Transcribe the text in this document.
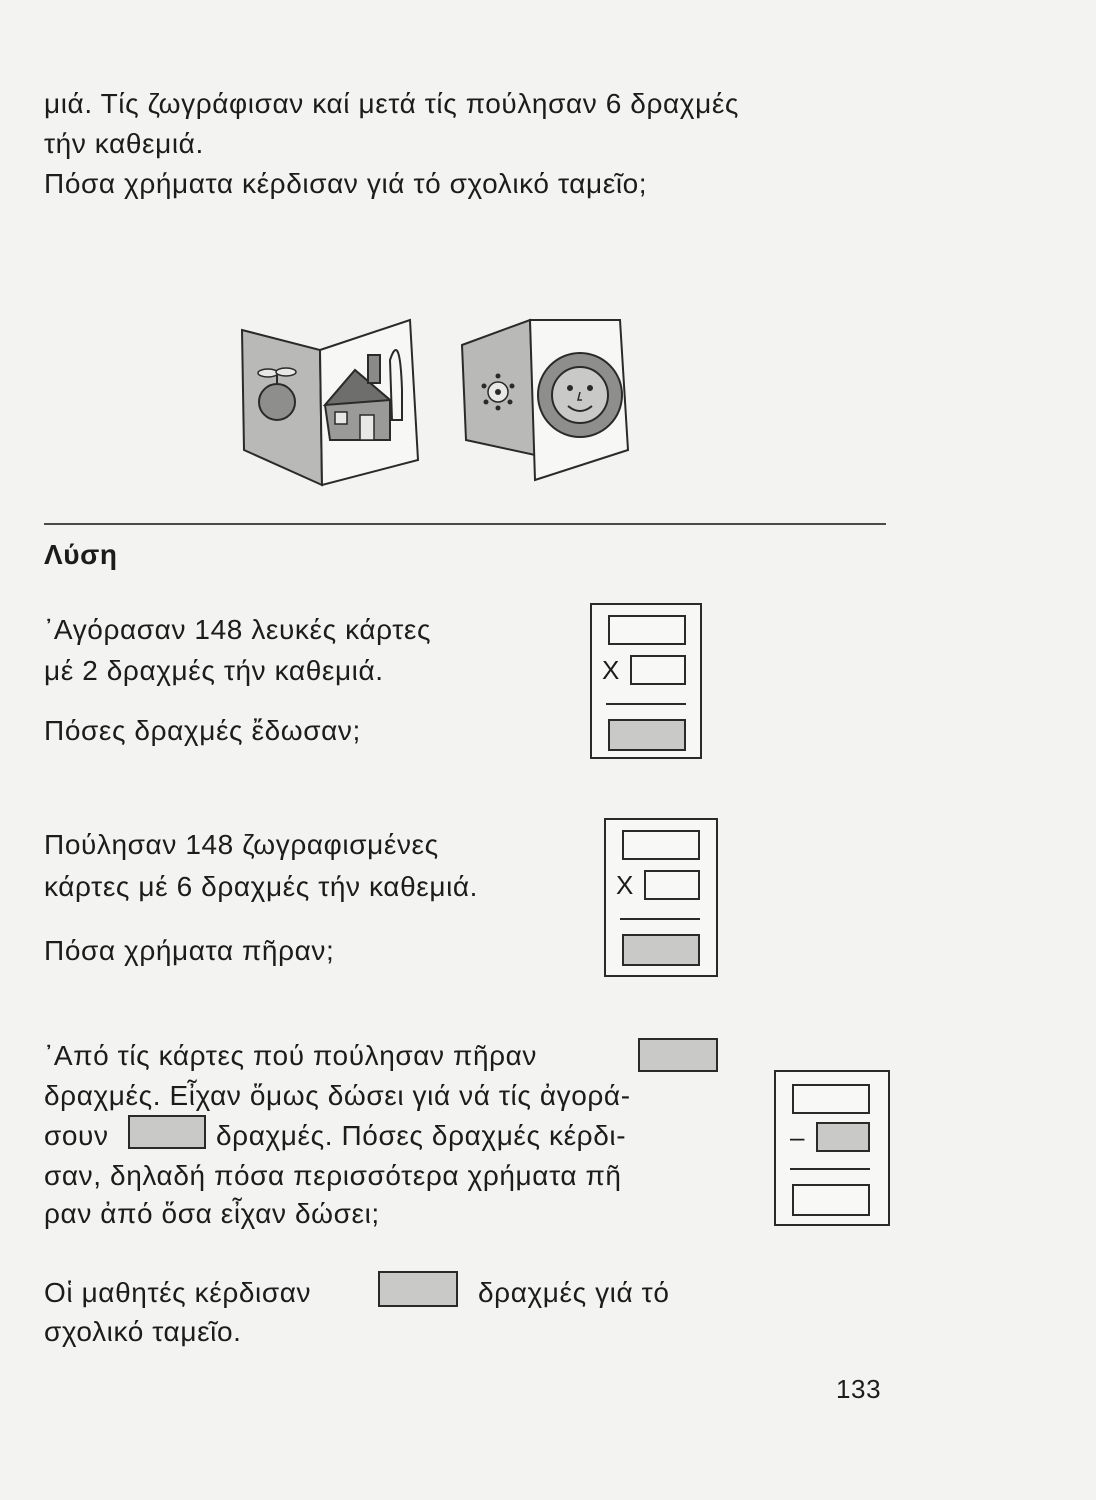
μιά. Τίς ζωγράφισαν καί μετά τίς πούλησαν 6 δραχμές
τήν καθεμιά.
Πόσα χρήματα κέρδισαν γιά τό σχολικό ταμεῖο;
Λύση
᾿Αγόρασαν 148 λευκές κάρτες
μέ 2 δραχμές τήν καθεμιά.
Πόσες δραχμές ἔδωσαν;
X
Πούλησαν 148 ζωγραφισμένες
κάρτες μέ 6 δραχμές τήν καθεμιά.
Πόσα χρήματα πῆραν;
X
᾿Από τίς κάρτες πού πούλησαν πῆραν
δραχμές. Εἶχαν ὅμως δώσει γιά νά τίς ἀγορά-
σουν	δραχμές. Πόσες δραχμές κέρδι-
σαν, δηλαδή πόσα περισσότερα χρήματα πῆ
ραν ἀπό ὅσα εἶχαν δώσει;
–
Οἱ μαθητές κέρδισαν	δραχμές γιά τό
σχολικό ταμεῖο.
133
